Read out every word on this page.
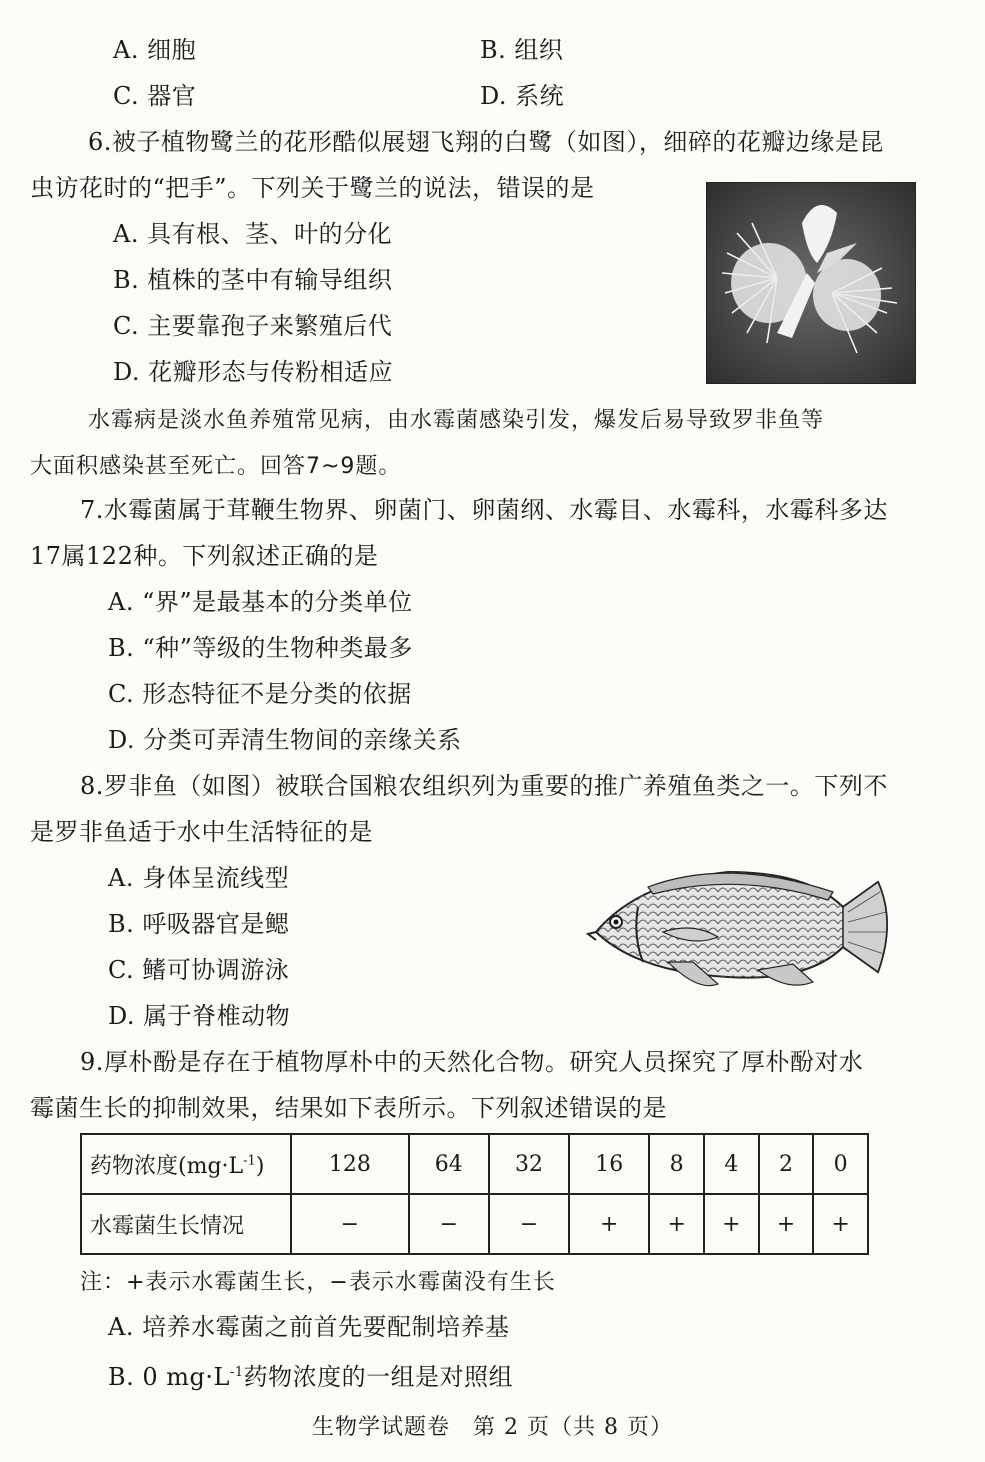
A. 细胞	B. 组织
C. 器官	D. 系统
6.被子植物鹭兰的花形酷似展翅飞翔的白鹭（如图），细碎的花瓣边缘是昆
虫访花时的“把手”。下列关于鹭兰的说法，错误的是
A. 具有根、茎、叶的分化
B. 植株的茎中有输导组织
C. 主要靠孢子来繁殖后代
D. 花瓣形态与传粉相适应
水霉病是淡水鱼养殖常见病，由水霉菌感染引发，爆发后易导致罗非鱼等
大面积感染甚至死亡。回答7~9题。
7.水霉菌属于茸鞭生物界、卵菌门、卵菌纲、水霉目、水霉科，水霉科多达
17属122种。下列叙述正确的是
A. “界”是最基本的分类单位
B. “种”等级的生物种类最多
C. 形态特征不是分类的依据
D. 分类可弄清生物间的亲缘关系
8.罗非鱼（如图）被联合国粮农组织列为重要的推广养殖鱼类之一。下列不
是罗非鱼适于水中生活特征的是
A. 身体呈流线型
B. 呼吸器官是鳃
C. 鳍可协调游泳
D. 属于脊椎动物
9.厚朴酚是存在于植物厚朴中的天然化合物。研究人员探究了厚朴酚对水
霉菌生长的抑制效果，结果如下表所示。下列叙述错误的是
药物浓度$(mg\cdot L^{-1})$	128	64	32	16	8	4	2	0
水霉菌生长情况	−	−	−	+	+	+	+	+
注：+表示水霉菌生长，−表示水霉菌没有生长
A. 培养水霉菌之前首先要配制培养基
B. 0 $mg\cdot L^{-1}$药物浓度的一组是对照组
生物学试题卷　第 2 页（共 8 页）
